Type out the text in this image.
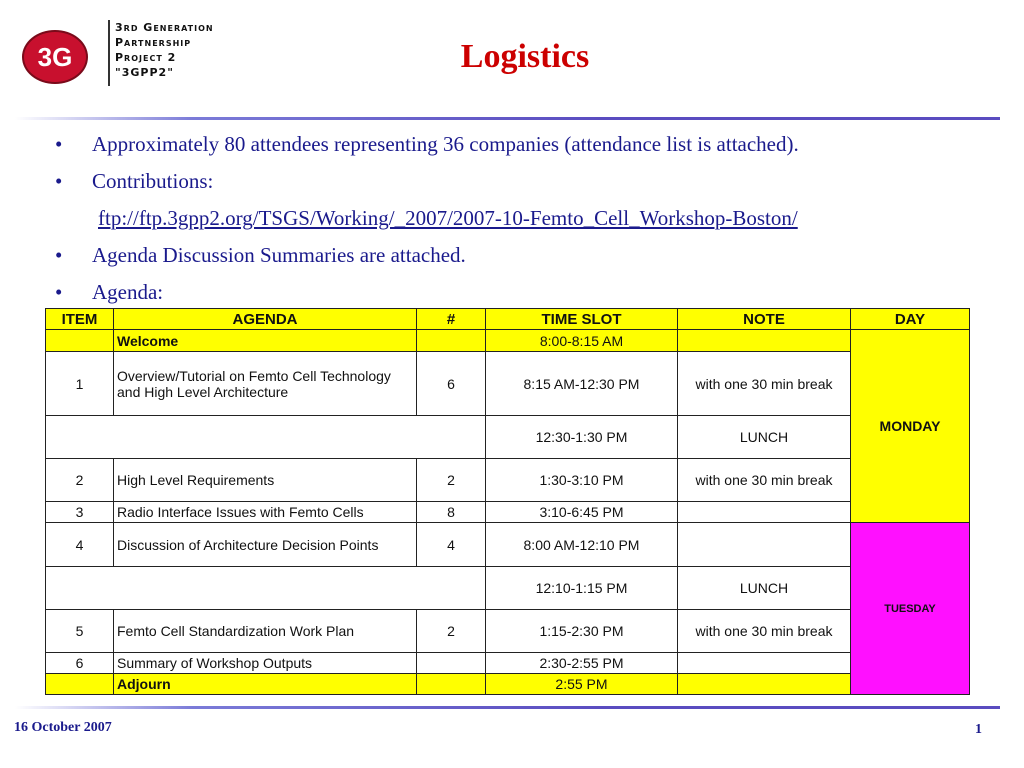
3G
3rd Generation
Partnership
Project 2
"3GPP2"	Logistics
• Approximately 80 attendees representing 36 companies (attendance list is attached).
• Contributions:
ftp://ftp.3gpp2.org/TSGS/Working/_2007/2007-10-Femto_Cell_Workshop-Boston/
• Agenda Discussion Summaries are attached.
• Agenda:
ITEM	AGENDA	#	TIME SLOT	NOTE	DAY
	Welcome		8:00-8:15 AM		MONDAY
1	Overview/Tutorial on Femto Cell Technology and High Level Architecture	6	8:15 AM-12:30 PM	with one 30 min break	
			12:30-1:30 PM	LUNCH	
2	High Level Requirements	2	1:30-3:10 PM	with one 30 min break	
3	Radio Interface Issues with Femto Cells	8	3:10-6:45 PM		
4	Discussion of Architecture Decision Points	4	8:00 AM-12:10 PM		TUESDAY
			12:10-1:15 PM	LUNCH	
5	Femto Cell Standardization Work Plan	2	1:15-2:30 PM	with one 30 min break	
6	Summary of Workshop Outputs		2:30-2:55 PM		
	Adjourn		2:55 PM		
16 October 2007	1
